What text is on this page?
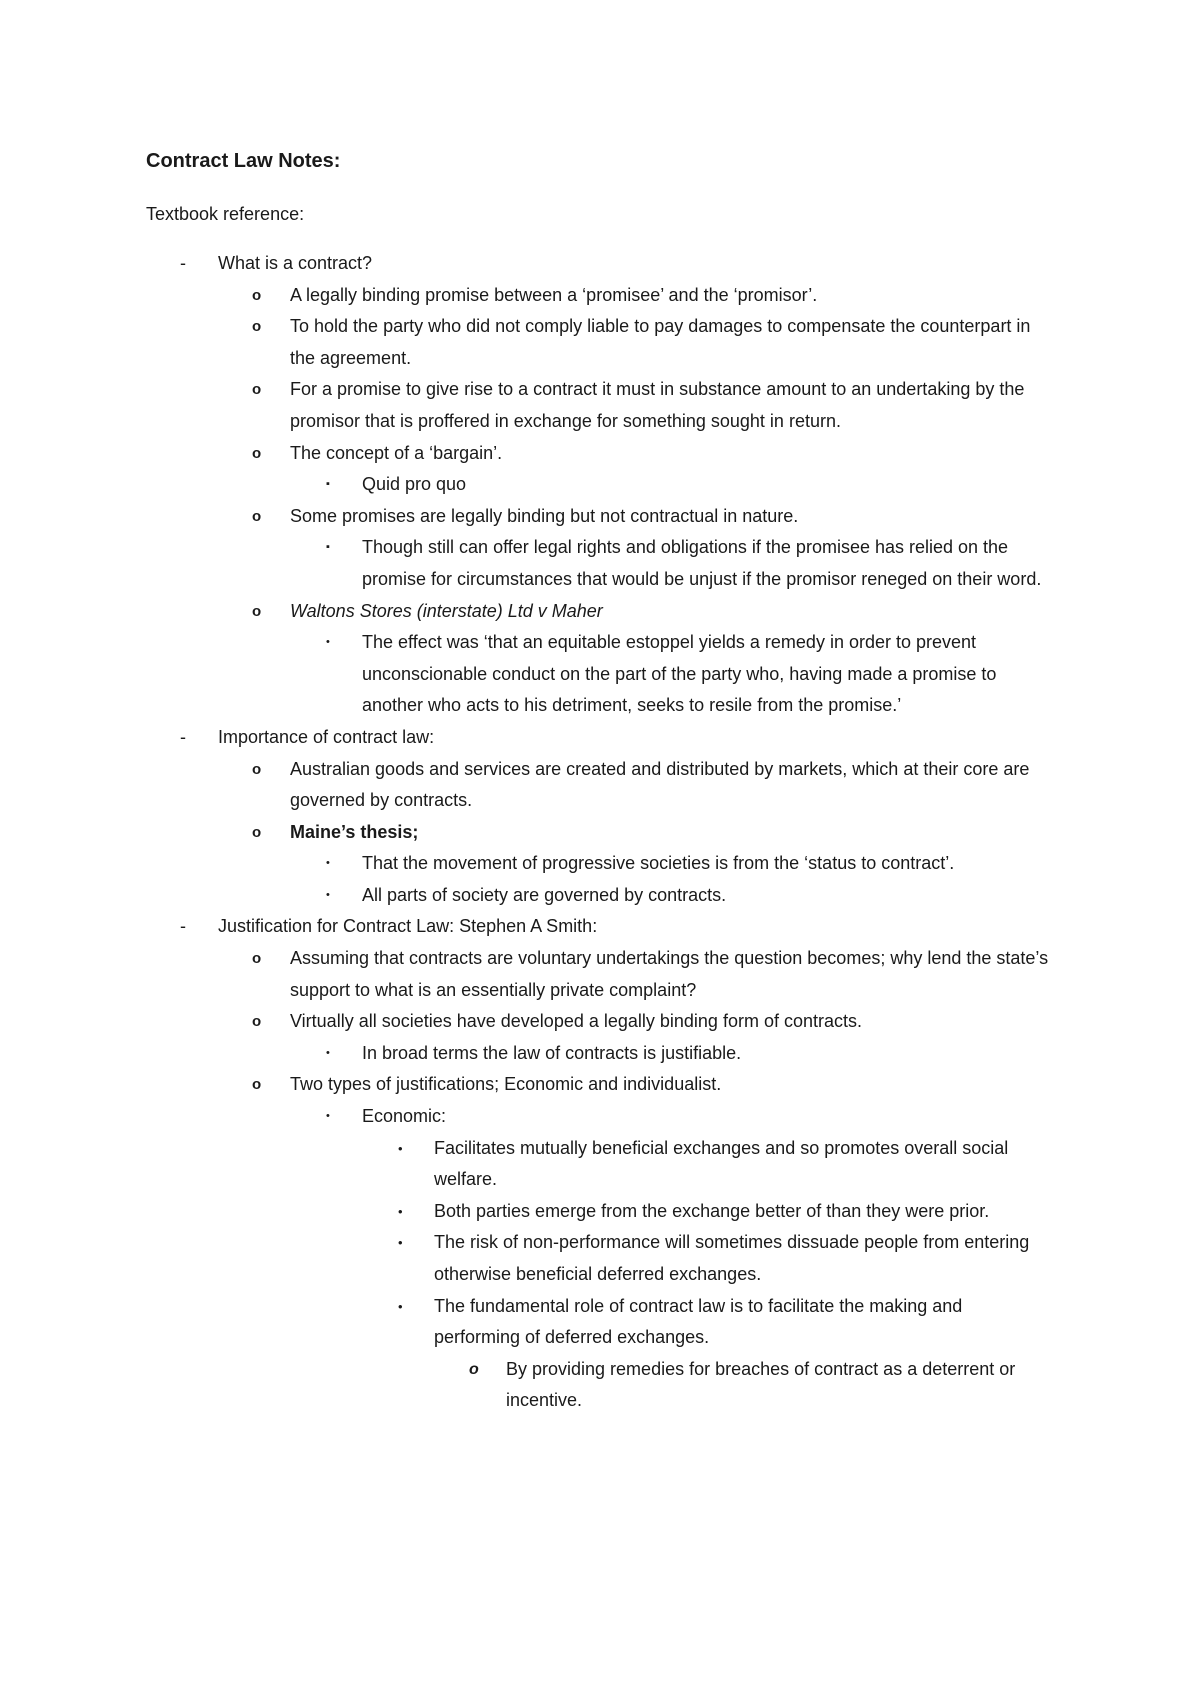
Contract Law Notes:

Textbook reference:

-	What is a contract?
o	A legally binding promise between a ‘promisee’ and the ‘promisor’.
o	To hold the party who did not comply liable to pay damages to compensate the counterpart in the agreement.
o	For a promise to give rise to a contract it must in substance amount to an undertaking by the promisor that is proffered in exchange for something sought in return.
o	The concept of a ‘bargain’.
▪	Quid pro quo
o	Some promises are legally binding but not contractual in nature.
▪	Though still can offer legal rights and obligations if the promisee has relied on the promise for circumstances that would be unjust if the promisor reneged on their word.
o	Waltons Stores (interstate) Ltd v Maher
•	The effect was ‘that an equitable estoppel yields a remedy in order to prevent unconscionable conduct on the part of the party who, having made a promise to another who acts to his detriment, seeks to resile from the promise.’
-	Importance of contract law:
o	Australian goods and services are created and distributed by markets, which at their core are governed by contracts.
o	Maine’s thesis;
•	That the movement of progressive societies is from the ‘status to contract’.
•	All parts of society are governed by contracts.
-	Justification for Contract Law: Stephen A Smith:
o	Assuming that contracts are voluntary undertakings the question becomes; why lend the state’s support to what is an essentially private complaint?
o	Virtually all societies have developed a legally binding form of contracts.
•	In broad terms the law of contracts is justifiable.
o	Two types of justifications; Economic and individualist.
•	Economic:
•	Facilitates mutually beneficial exchanges and so promotes overall social welfare.
•	Both parties emerge from the exchange better of than they were prior.
•	The risk of non-performance will sometimes dissuade people from entering otherwise beneficial deferred exchanges.
•	The fundamental role of contract law is to facilitate the making and performing of deferred exchanges.
o	By providing remedies for breaches of contract as a deterrent or incentive.
